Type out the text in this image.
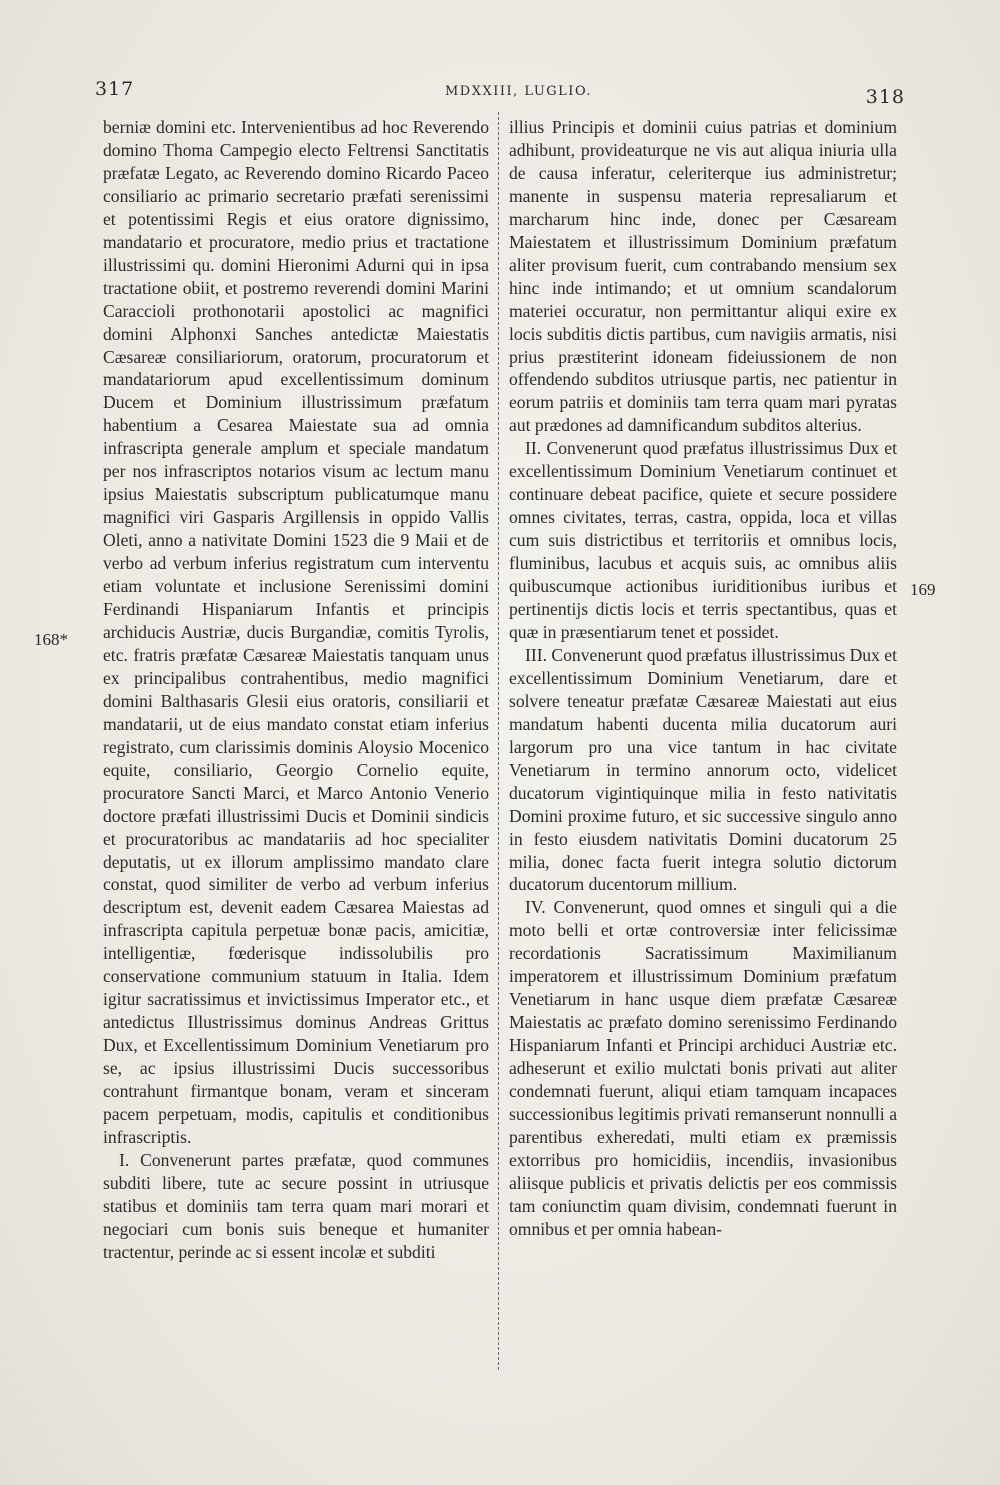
317	MDXXIII, LUGLIO.	318
168*
169

berniæ domini etc. Intervenientibus ad hoc Reverendo domino Thoma Campegio electo Feltrensi Sanctitatis præfatæ Legato, ac Reverendo domino Ricardo Paceo consiliario ac primario secretario præfati serenissimi et potentissimi Regis et eius oratore dignissimo, mandatario et procuratore, medio prius et tractatione illustrissimi qu. domini Hieronimi Adurni qui in ipsa tractatione obiit, et postremo reverendi domini Marini Caraccioli prothonotarii apostolici ac magnifici domini Alphonxi Sanches antedictæ Maiestatis Cæsareæ consiliariorum, oratorum, procuratorum et mandatariorum apud excellentissimum dominum Ducem et Dominium illustrissimum præfatum habentium a Cesarea Maiestate sua ad omnia infrascripta generale amplum et speciale mandatum per nos infrascriptos notarios visum ac lectum manu ipsius Maiestatis subscriptum publicatumque manu magnifici viri Gasparis Argillensis in oppido Vallis Oleti, anno a nativitate Domini 1523 die 9 Maii et de verbo ad verbum inferius registratum cum interventu etiam voluntate et inclusione Serenissimi domini Ferdinandi Hispaniarum Infantis et principis archiducis Austriæ, ducis Burgandiæ, comitis Tyrolis, etc. fratris præfatæ Cæsareæ Maiestatis tanquam unus ex principalibus contrahentibus, medio magnifici domini Balthasaris Glesii eius oratoris, consiliarii et mandatarii, ut de eius mandato constat etiam inferius registrato, cum clarissimis dominis Aloysio Mocenico equite, consiliario, Georgio Cornelio equite, procuratore Sancti Marci, et Marco Antonio Venerio doctore præfati illustrissimi Ducis et Dominii sindicis et procuratoribus ac mandatariis ad hoc specialiter deputatis, ut ex illorum amplissimo mandato clare constat, quod similiter de verbo ad verbum inferius descriptum est, devenit eadem Cæsarea Maiestas ad infrascripta capitula perpetuæ bonæ pacis, amicitiæ, intelligentiæ, fœderisque indissolubilis pro conservatione communium statuum in Italia. Idem igitur sacratissimus et invictissimus Imperator etc., et antedictus Illustrissimus dominus Andreas Grittus Dux, et Excellentissimum Dominium Venetiarum pro se, ac ipsius illustrissimi Ducis successoribus contrahunt firmantque bonam, veram et sinceram pacem perpetuam, modis, capitulis et conditionibus infrascriptis.

I. Convenerunt partes præfatæ, quod communes subditi libere, tute ac secure possint in utriusque statibus et dominiis tam terra quam mari morari et negociari cum bonis suis beneque et humaniter tractentur, perinde ac si essent incolæ et subditi

illius Principis et dominii cuius patrias et dominium adhibunt, provideaturque ne vis aut aliqua iniuria ulla de causa inferatur, celeriterque ius administretur; manente in suspensu materia represaliarum et marcharum hinc inde, donec per Cæsaream Maiestatem et illustrissimum Dominium præfatum aliter provisum fuerit, cum contrabando mensium sex hinc inde intimando; et ut omnium scandalorum materiei occuratur, non permittantur aliqui exire ex locis subditis dictis partibus, cum navigiis armatis, nisi prius præstiterint idoneam fideiussionem de non offendendo subditos utriusque partis, nec patientur in eorum patriis et dominiis tam terra quam mari pyratas aut prædones ad damnificandum subditos alterius.

II. Convenerunt quod præfatus illustrissimus Dux et excellentissimum Dominium Venetiarum continuet et continuare debeat pacifice, quiete et secure possidere omnes civitates, terras, castra, oppida, loca et villas cum suis districtibus et territoriis et omnibus locis, fluminibus, lacubus et acquis suis, ac omnibus aliis quibuscumque actionibus iuriditionibus iuribus et pertinentijs dictis locis et terris spectantibus, quas et quæ in præsentiarum tenet et possidet.

III. Convenerunt quod præfatus illustrissimus Dux et excellentissimum Dominium Venetiarum, dare et solvere teneatur præfatæ Cæsareæ Maiestati aut eius mandatum habenti ducenta milia ducatorum auri largorum pro una vice tantum in hac civitate Venetiarum in termino annorum octo, videlicet ducatorum vigintiquinque milia in festo nativitatis Domini proxime futuro, et sic successive singulo anno in festo eiusdem nativitatis Domini ducatorum 25 milia, donec facta fuerit integra solutio dictorum ducatorum ducentorum millium.

IV. Convenerunt, quod omnes et singuli qui a die moto belli et ortæ controversiæ inter felicissimæ recordationis Sacratissimum Maximilianum imperatorem et illustrissimum Dominium præfatum Venetiarum in hanc usque diem præfatæ Cæsareæ Maiestatis ac præfato domino serenissimo Ferdinando Hispaniarum Infanti et Principi archiduci Austriæ etc. adheserunt et exilio mulctati bonis privati aut aliter condemnati fuerunt, aliqui etiam tamquam incapaces successionibus legitimis privati remanserunt nonnulli a parentibus exheredati, multi etiam ex præmissis extorribus pro homicidiis, incendiis, invasionibus aliisque publicis et privatis delictis per eos commissis tam coniunctim quam divisim, condemnati fuerunt in omnibus et per omnia habean-
